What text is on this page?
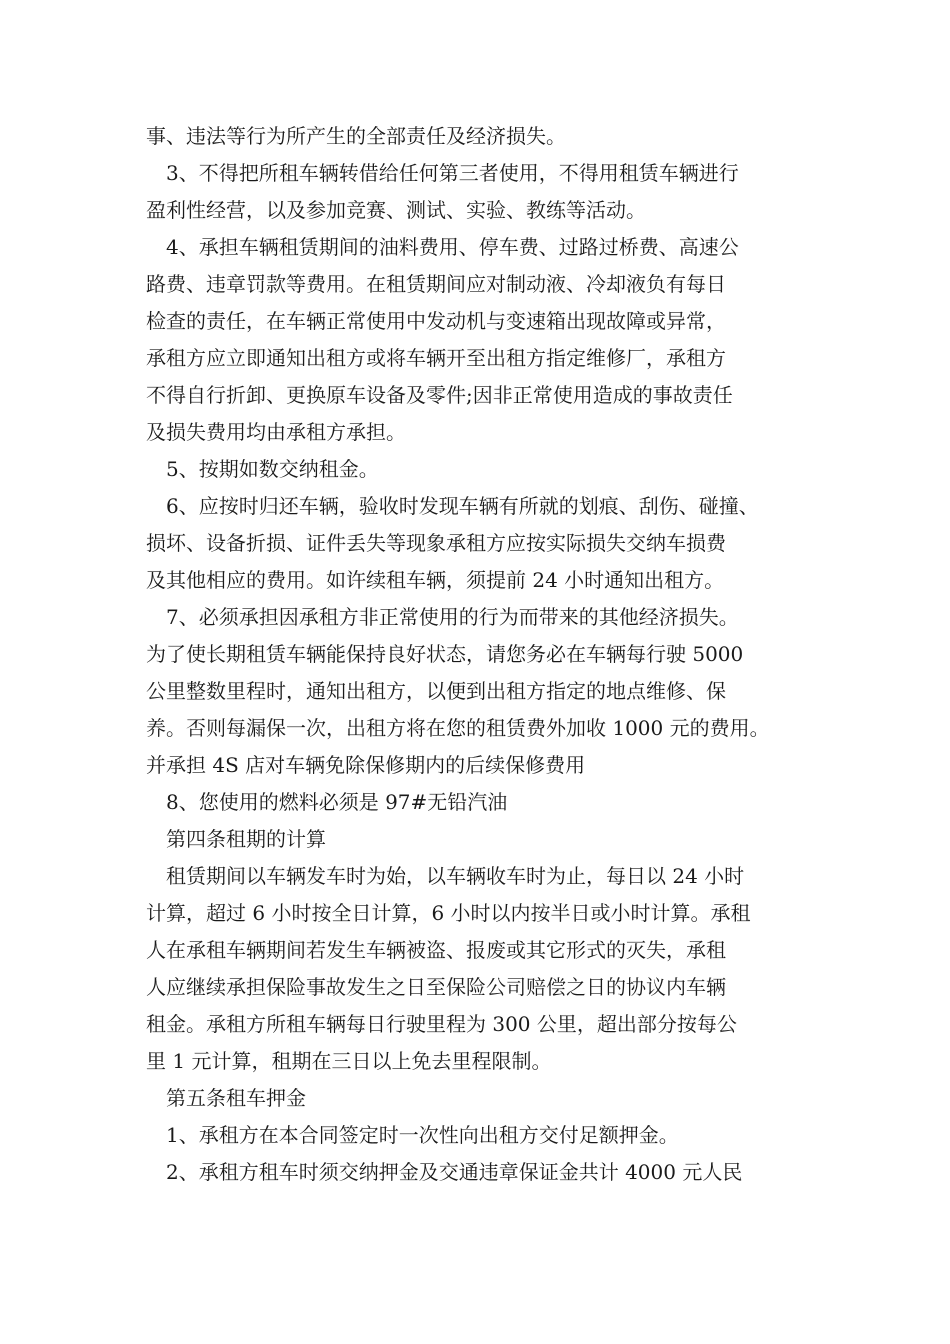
事、违法等行为所产生的全部责任及经济损失。
3、不得把所租车辆转借给任何第三者使用，不得用租赁车辆进行
盈利性经营，以及参加竞赛、测试、实验、教练等活动。
4、承担车辆租赁期间的油料费用、停车费、过路过桥费、高速公
路费、违章罚款等费用。在租赁期间应对制动液、冷却液负有每日
检查的责任，在车辆正常使用中发动机与变速箱出现故障或异常，
承租方应立即通知出租方或将车辆开至出租方指定维修厂，承租方
不得自行折卸、更换原车设备及零件;因非正常使用造成的事故责任
及损失费用均由承租方承担。
5、按期如数交纳租金。
6、应按时归还车辆，验收时发现车辆有所就的划痕、刮伤、碰撞、
损坏、设备折损、证件丢失等现象承租方应按实际损失交纳车损费
及其他相应的费用。如许续租车辆，须提前 24 小时通知出租方。
7、必须承担因承租方非正常使用的行为而带来的其他经济损失。
为了使长期租赁车辆能保持良好状态，请您务必在车辆每行驶 5000
公里整数里程时，通知出租方，以便到出租方指定的地点维修、保
养。否则每漏保一次，出租方将在您的租赁费外加收 1000 元的费用。
并承担 4S 店对车辆免除保修期内的后续保修费用
8、您使用的燃料必须是 97#无铅汽油
第四条租期的计算
租赁期间以车辆发车时为始，以车辆收车时为止，每日以 24 小时
计算，超过 6 小时按全日计算，6 小时以内按半日或小时计算。承租
人在承租车辆期间若发生车辆被盗、报废或其它形式的灭失，承租
人应继续承担保险事故发生之日至保险公司赔偿之日的协议内车辆
租金。承租方所租车辆每日行驶里程为 300 公里，超出部分按每公
里 1 元计算，租期在三日以上免去里程限制。
第五条租车押金
1、承租方在本合同签定时一次性向出租方交付足额押金。
2、承租方租车时须交纳押金及交通违章保证金共计 4000 元人民
